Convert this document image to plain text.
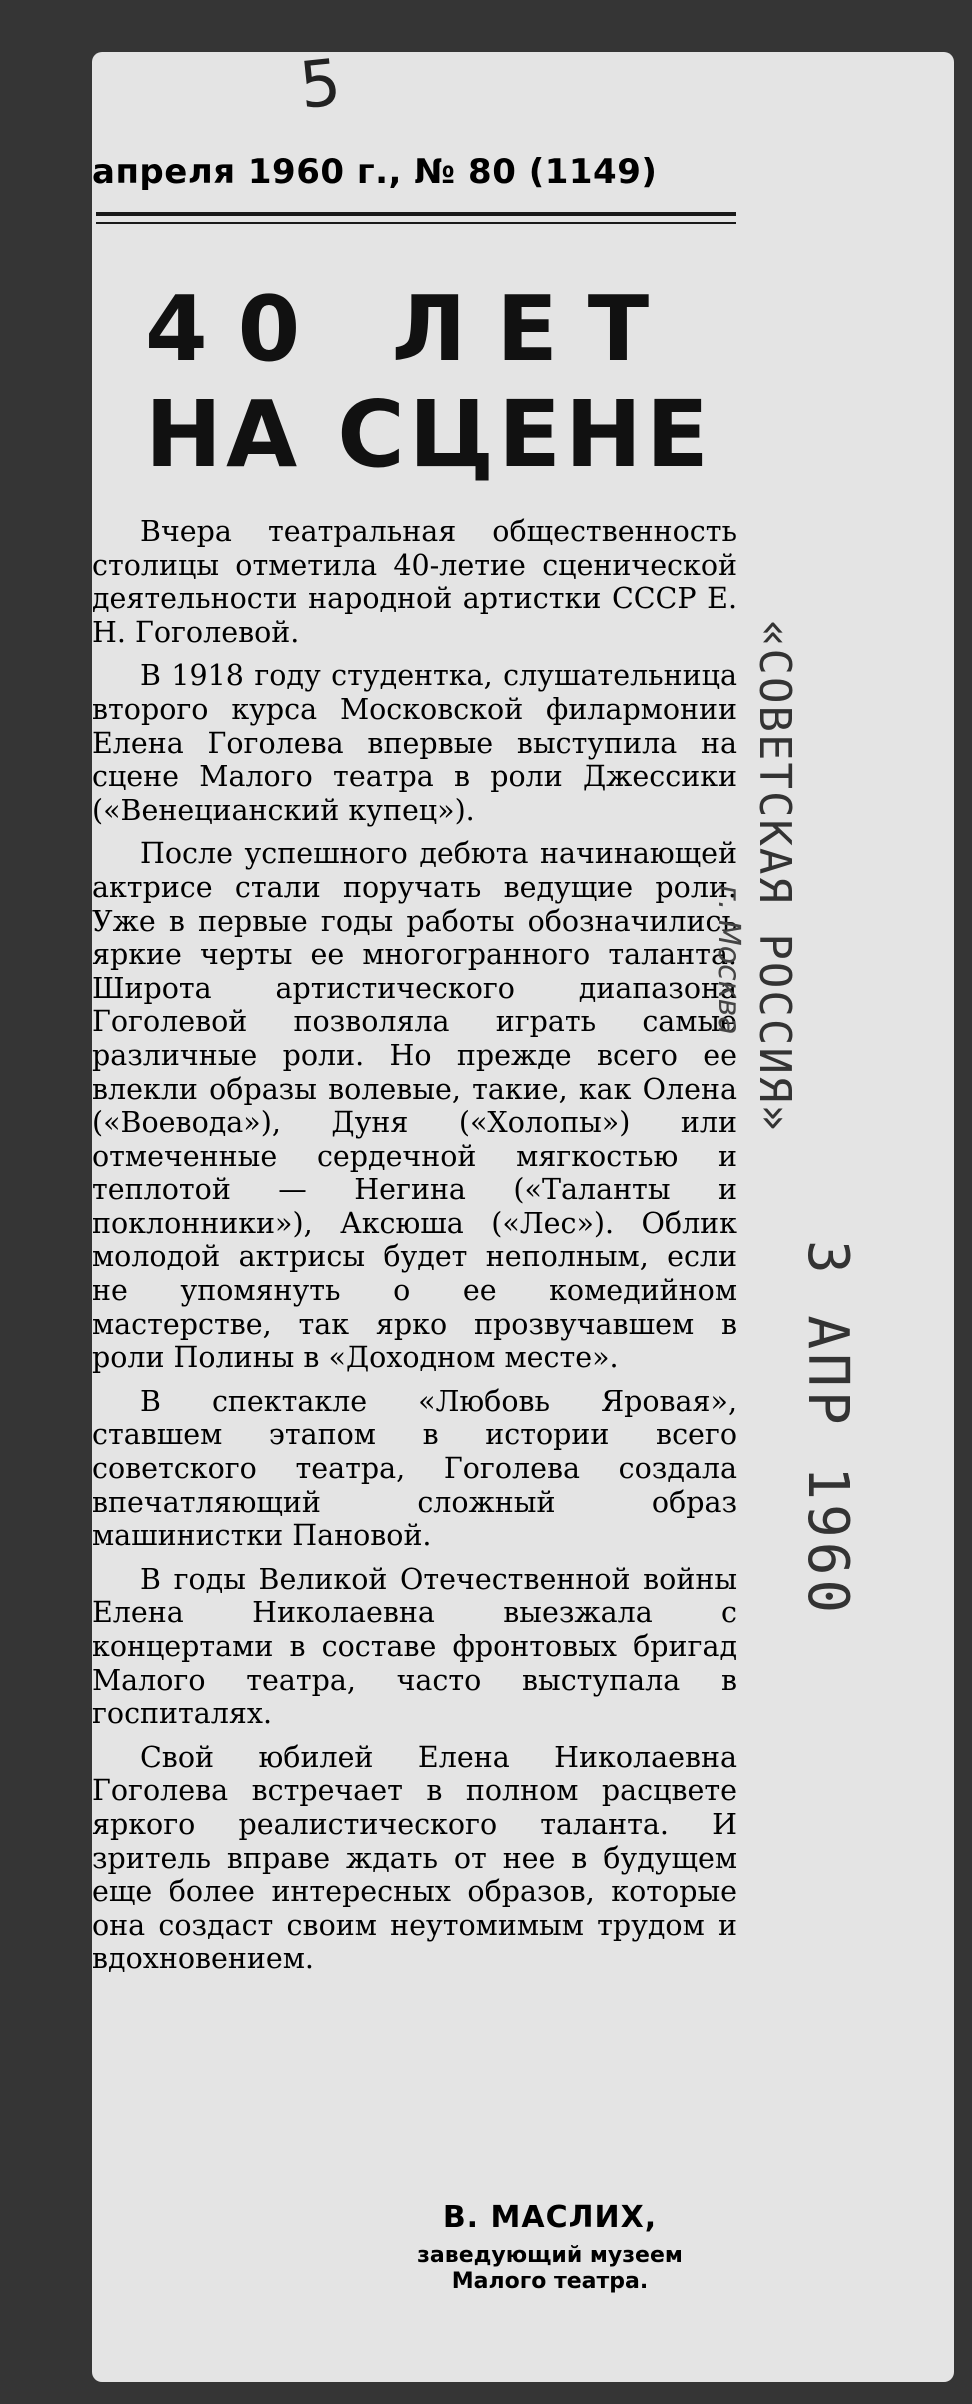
5
апреля 1960 г., № 80 (1149)
40 ЛЕТ
НА СЦЕНЕ

Вчера театральная общественность столицы отметила 40-летие сценической деятельности народной артистки СССР Е. Н. Гоголевой.

В 1918 году студентка, слушательница второго курса Московской филармонии Елена Гоголева впервые выступила на сцене Малого театра в роли Джессики («Венецианский купец»).

После успешного дебюта начинающей актрисе стали поручать ведущие роли. Уже в первые годы работы обозначились яркие черты ее многогранного таланта. Широта артистического диапазона Гоголевой позволяла играть самые различные роли. Но прежде всего ее влекли образы волевые, такие, как Олена («Воевода»), Дуня («Холопы») или отмеченные сердечной мягкостью и теплотой — Негина («Таланты и поклонники»), Аксюша («Лес»). Облик молодой актрисы будет неполным, если не упомянуть о ее комедийном мастерстве, так ярко прозвучавшем в роли Полины в «Доходном месте».

В спектакле «Любовь Яровая», ставшем этапом в истории всего советского театра, Гоголева создала впечатляющий сложный образ машинистки Пановой.

В годы Великой Отечественной войны Елена Николаевна выезжала с концертами в составе фронтовых бригад Малого театра, часто выступала в госпиталях.

Свой юбилей Елена Николаевна Гоголева встречает в полном расцвете яркого реалистического таланта. И зритель вправе ждать от нее в будущем еще более интересных образов, которые она создаст своим неутомимым трудом и вдохновением.

В. МАСЛИХ,
заведующий музеем
Малого театра.
«СОВЕТСКАЯ РОССИЯ»
г. Москва
3 АПР 1960
